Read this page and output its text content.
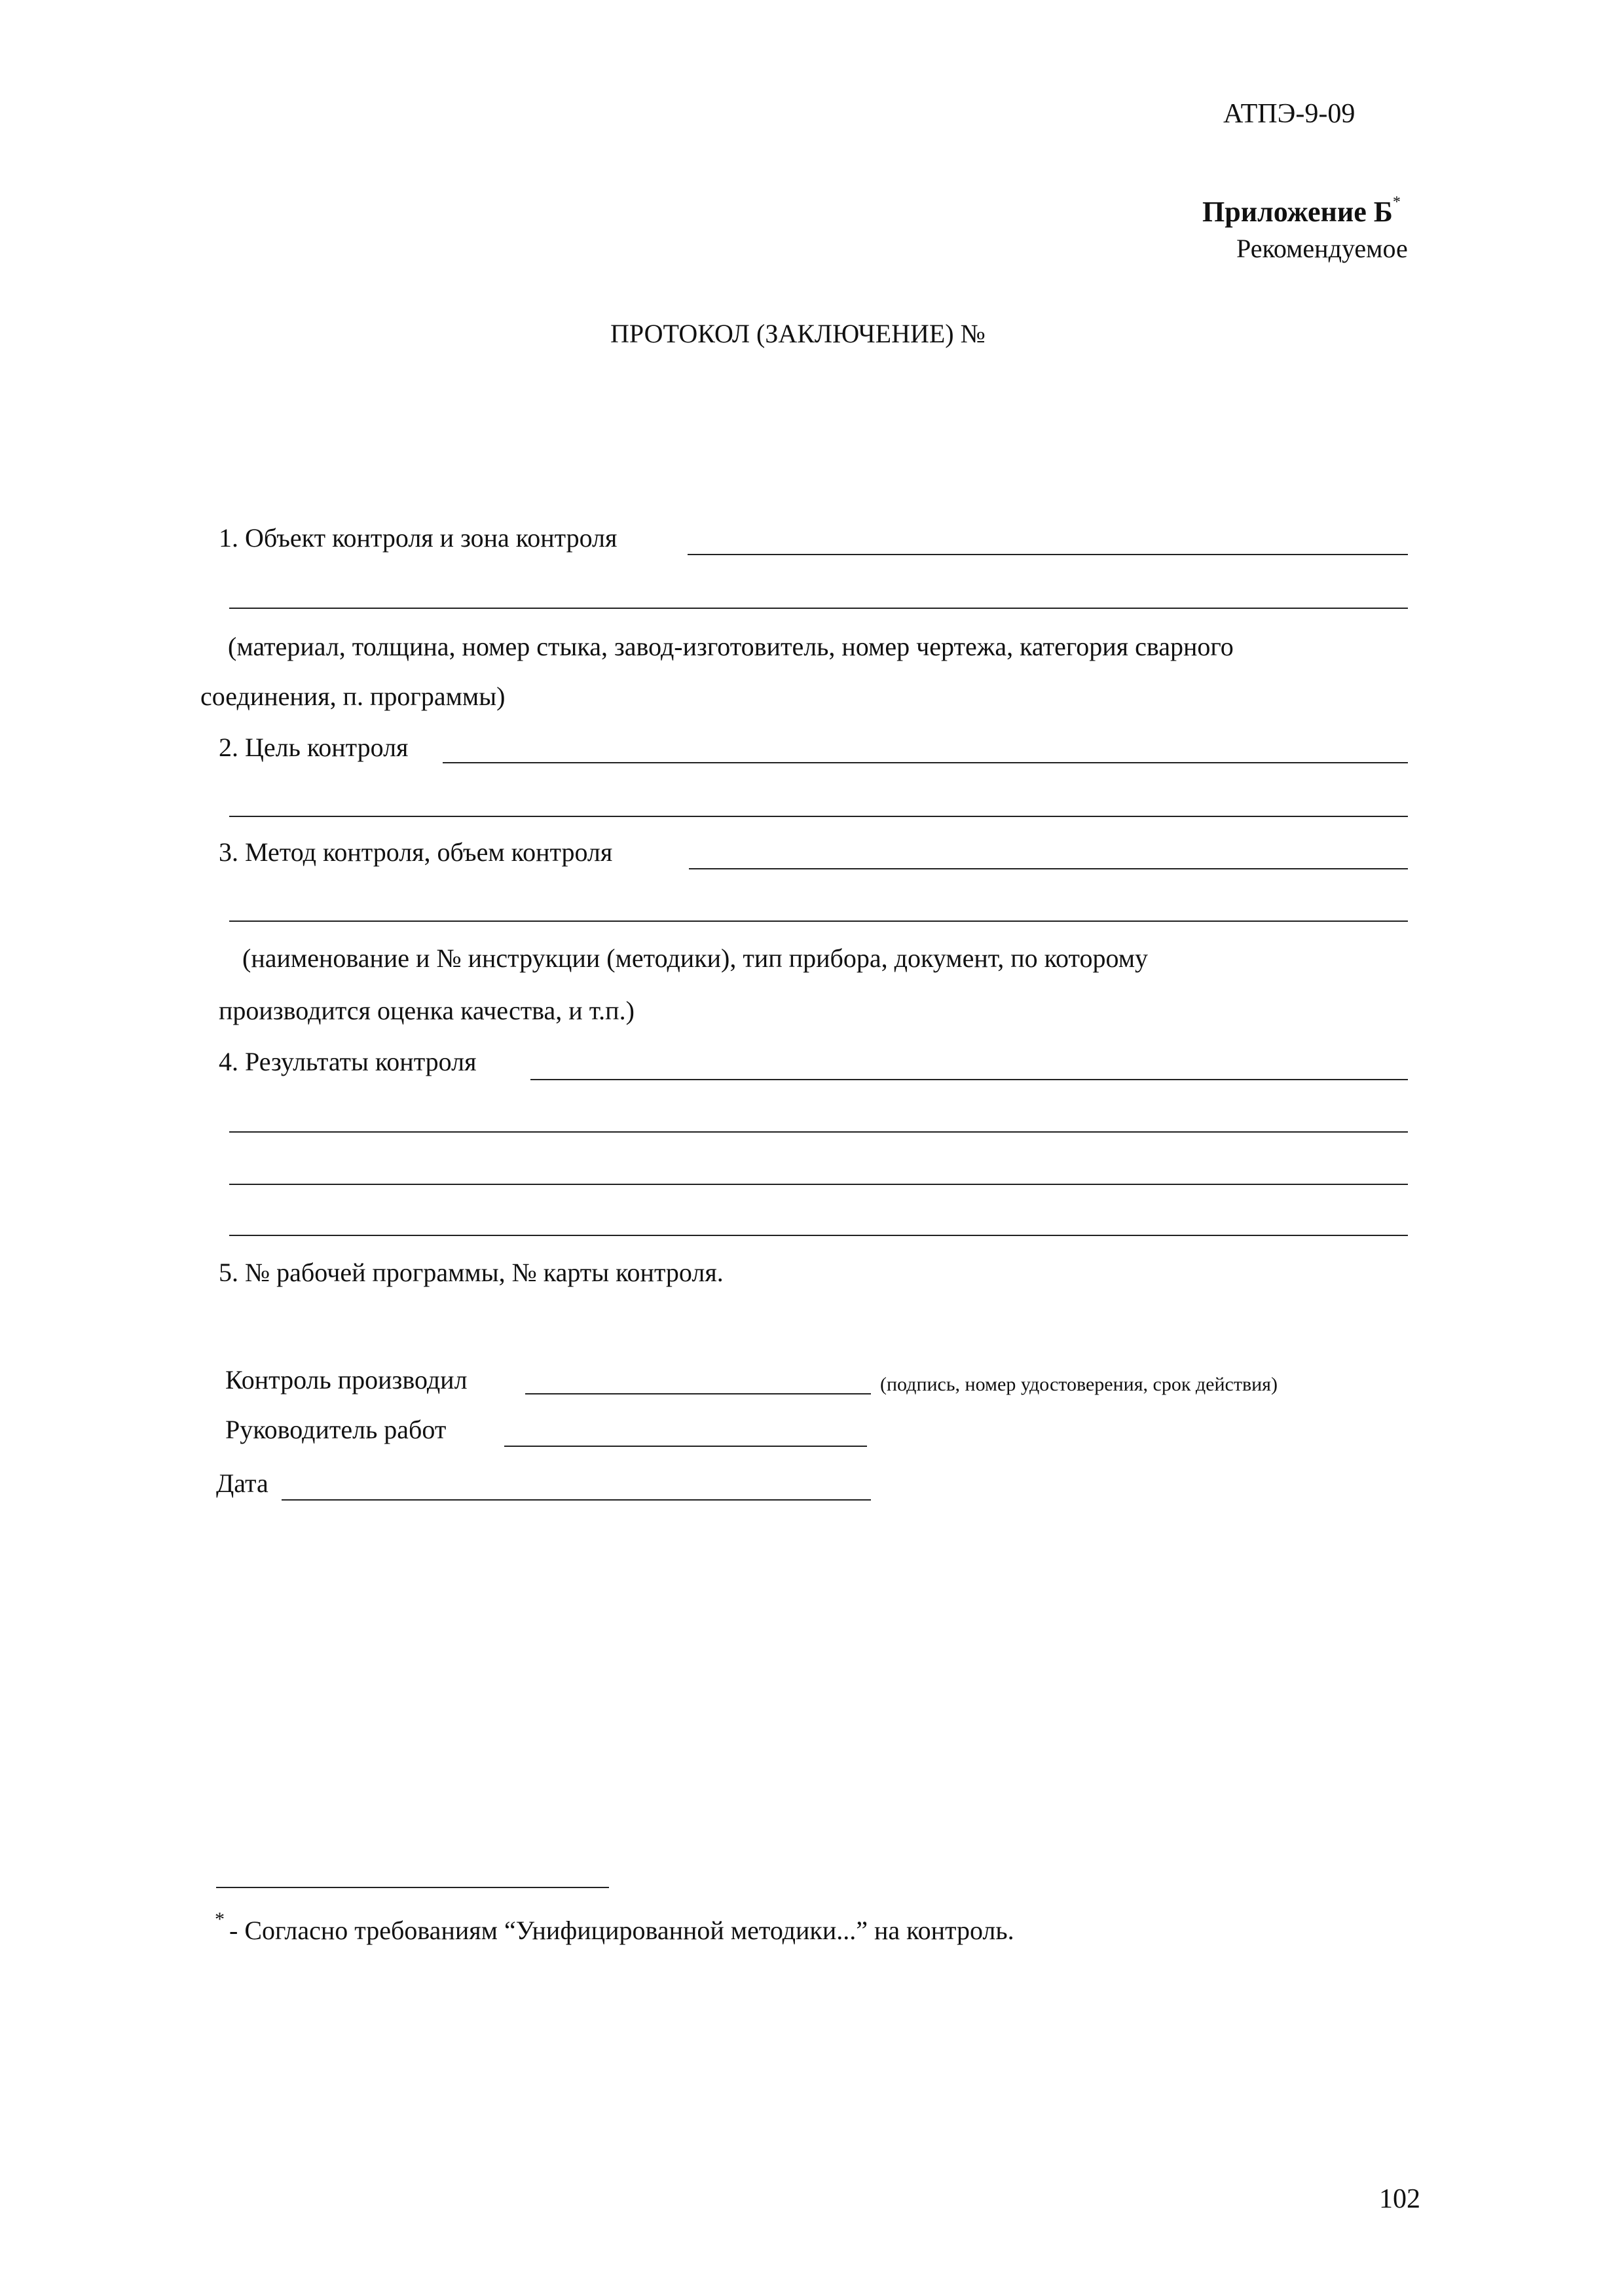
АТПЭ-9-09
Приложение Б*
Рекомендуемое
ПРОТОКОЛ (ЗАКЛЮЧЕНИЕ) №
1. Объект контроля и зона контроля
(материал, толщина, номер стыка, завод-изготовитель, номер чертежа, категория сварного
соединения, п. программы)
2. Цель контроля
3. Метод контроля, объем контроля
(наименование и № инструкции (методики), тип прибора, документ, по которому
производится оценка качества, и т.п.)
4. Результаты контроля
5. № рабочей программы, № карты контроля.
Контроль производил	(подпись, номер удостоверения, срок действия)
Руководитель работ
Дата
* - Согласно требованиям “Унифицированной методики...” на контроль.
102
